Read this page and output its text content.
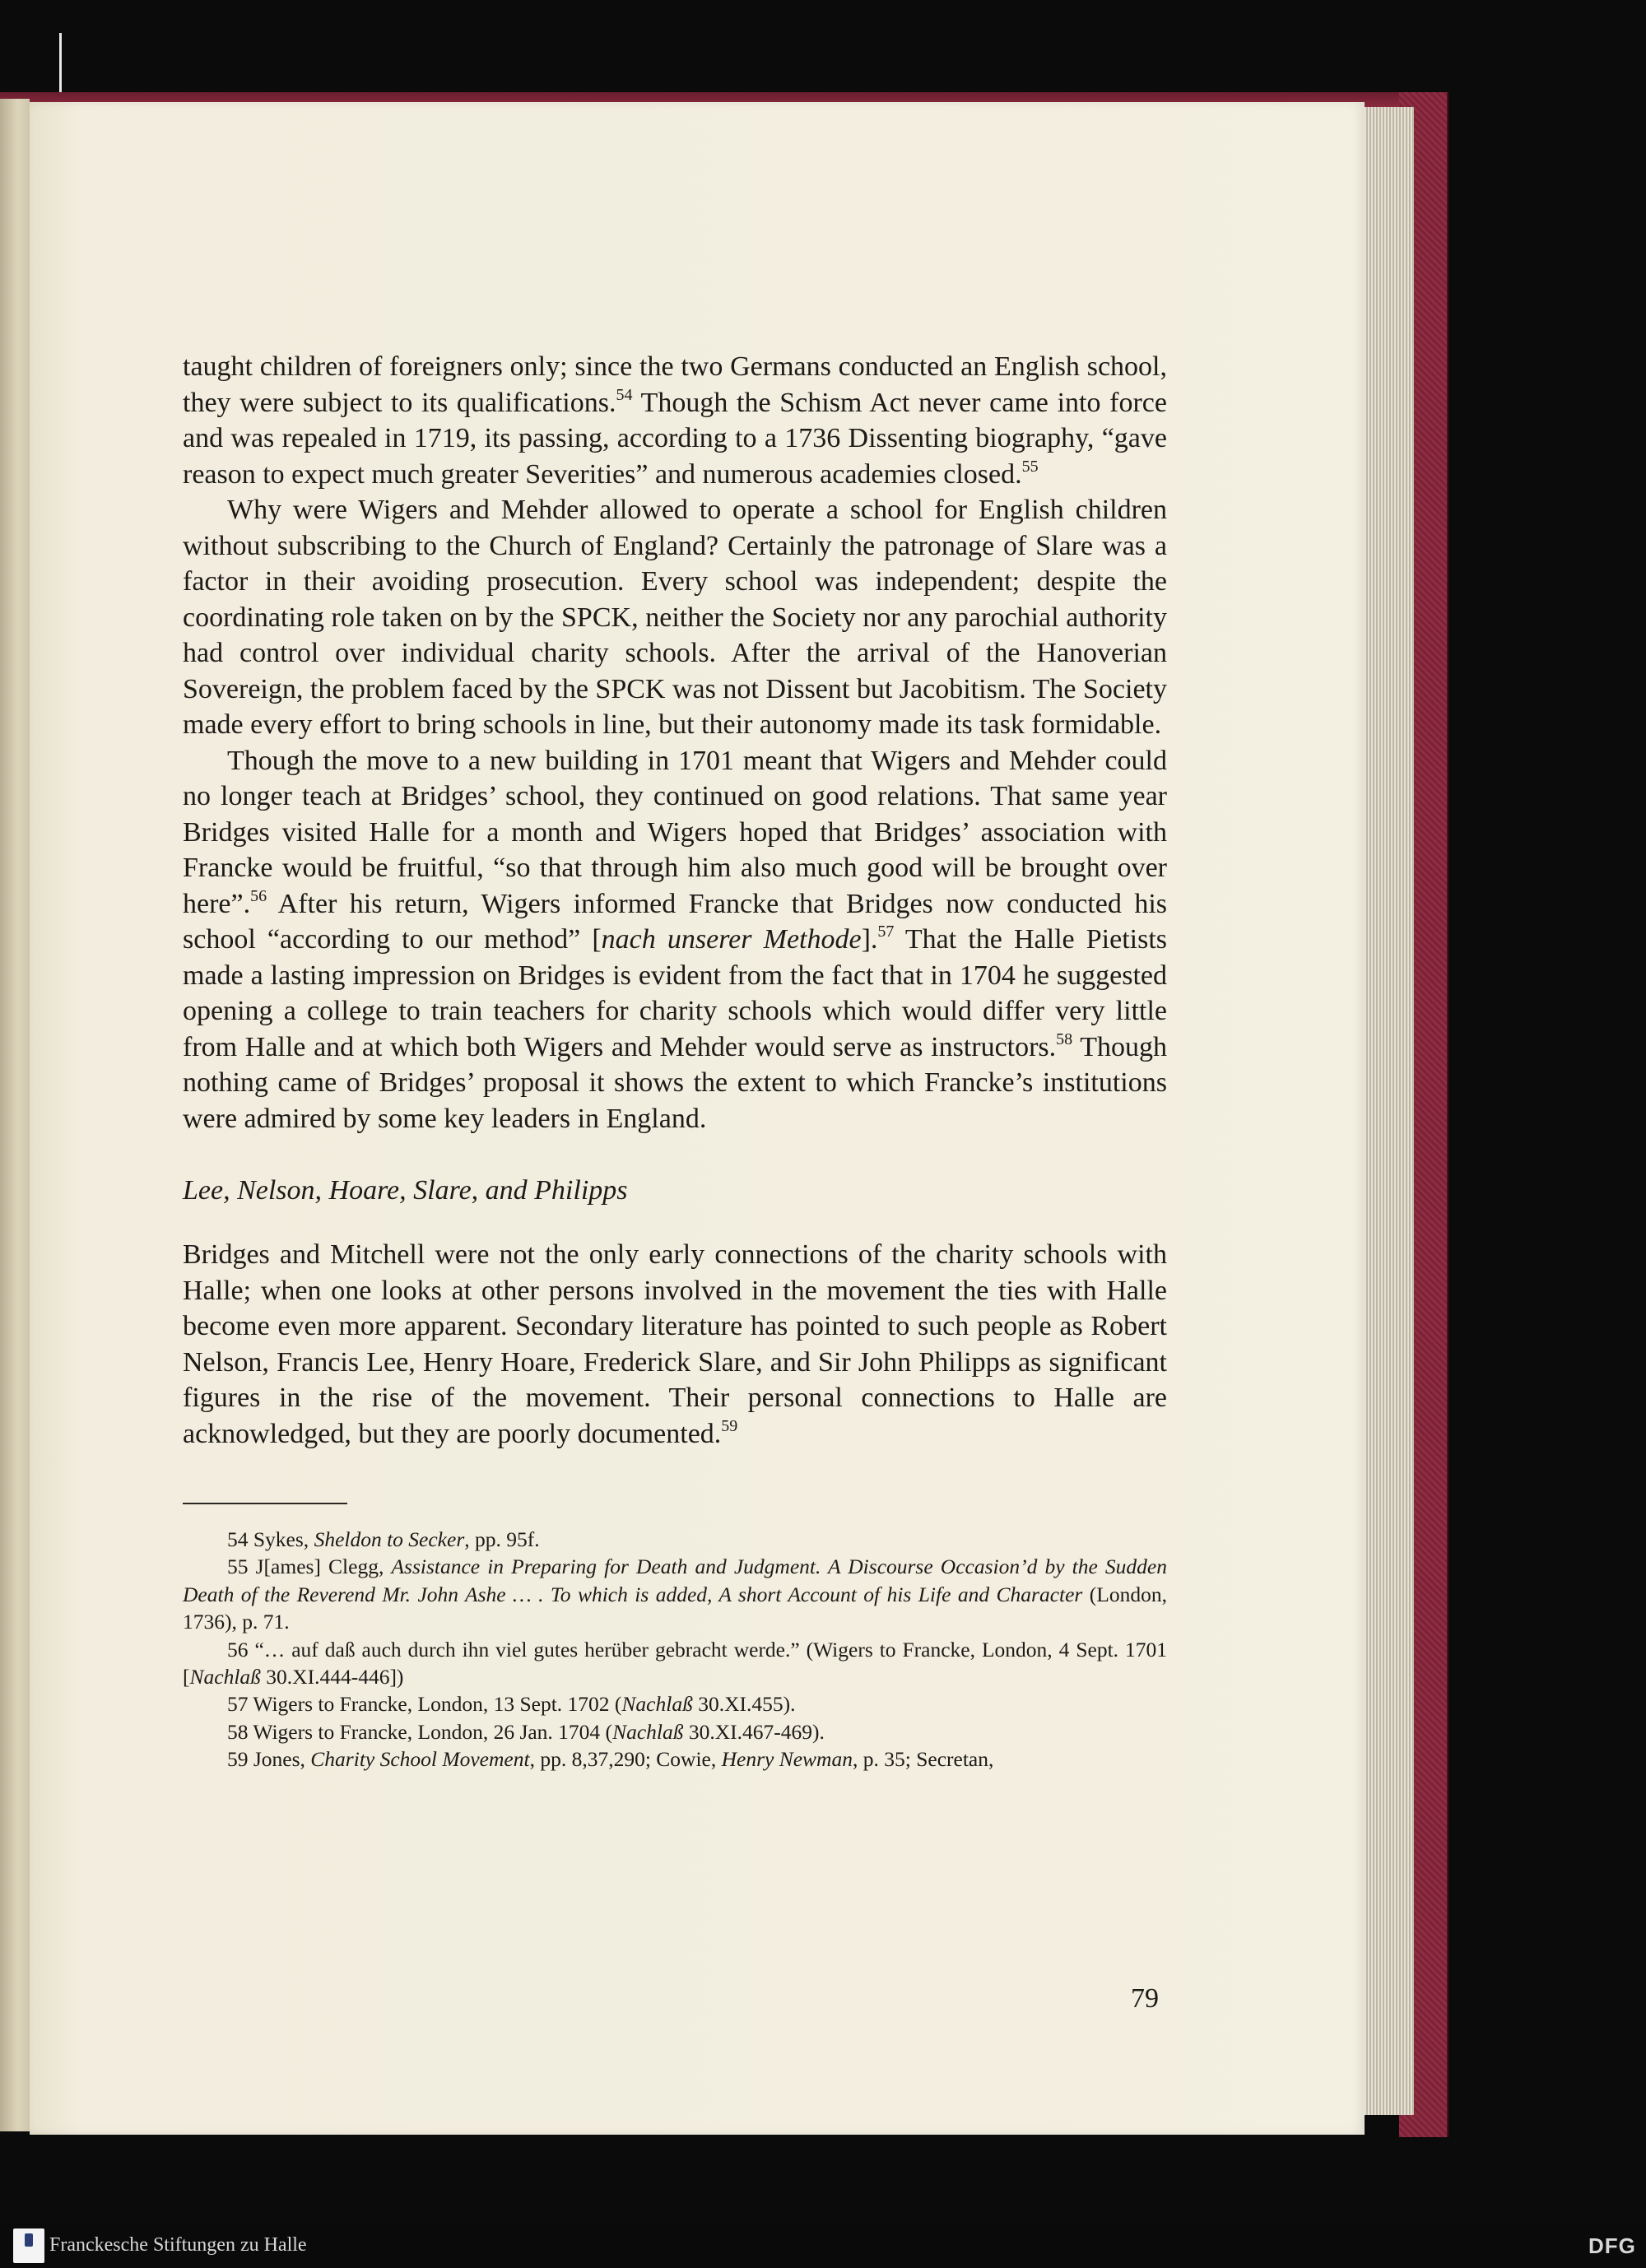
taught children of foreigners only; since the two Germans conducted an English school, they were subject to its qualifications.$^{54}$ Though the Schism Act never came into force and was repealed in 1719, its passing, according to a 1736 Dissenting biography, “gave reason to expect much greater Severities” and numerous academies closed.$^{55}$

Why were Wigers and Mehder allowed to operate a school for English children without subscribing to the Church of England? Certainly the patronage of Slare was a factor in their avoiding prosecution. Every school was independent; despite the coordinating role taken on by the SPCK, neither the Society nor any parochial authority had control over individual charity schools. After the arrival of the Hanoverian Sovereign, the problem faced by the SPCK was not Dissent but Jacobitism. The Society made every effort to bring schools in line, but their autonomy made its task formidable.

Though the move to a new building in 1701 meant that Wigers and Mehder could no longer teach at Bridges’ school, they continued on good relations. That same year Bridges visited Halle for a month and Wigers hoped that Bridges’ association with Francke would be fruitful, “so that through him also much good will be brought over here”.$^{56}$ After his return, Wigers informed Francke that Bridges now conducted his school “according to our method” [nach unserer Methode].$^{57}$ That the Halle Pietists made a lasting impression on Bridges is evident from the fact that in 1704 he suggested opening a college to train teachers for charity schools which would differ very little from Halle and at which both Wigers and Mehder would serve as instructors.$^{58}$ Though nothing came of Bridges’ proposal it shows the extent to which Francke’s institutions were admired by some key leaders in England.

Lee, Nelson, Hoare, Slare, and Philipps

Bridges and Mitchell were not the only early connections of the charity schools with Halle; when one looks at other persons involved in the movement the ties with Halle become even more apparent. Secondary literature has pointed to such people as Robert Nelson, Francis Lee, Henry Hoare, Frederick Slare, and Sir John Philipps as significant figures in the rise of the movement. Their personal connections to Halle are acknowledged, but they are poorly documented.$^{59}$

54 Sykes, Sheldon to Secker, pp. 95f.

55 J[ames] Clegg, Assistance in Preparing for Death and Judgment. A Discourse Occasion’d by the Sudden Death of the Reverend Mr. John Ashe … . To which is added, A short Account of his Life and Character (London, 1736), p. 71.

56 “… auf daß auch durch ihn viel gutes herüber gebracht werde.” (Wigers to Francke, London, 4 Sept. 1701 [Nachlaß 30.XI.444-446])

57 Wigers to Francke, London, 13 Sept. 1702 (Nachlaß 30.XI.455).

58 Wigers to Francke, London, 26 Jan. 1704 (Nachlaß 30.XI.467-469).

59 Jones, Charity School Movement, pp. 8,37,290; Cowie, Henry Newman, p. 35; Secretan,

79
Franckesche Stiftungen zu Halle	DFG
